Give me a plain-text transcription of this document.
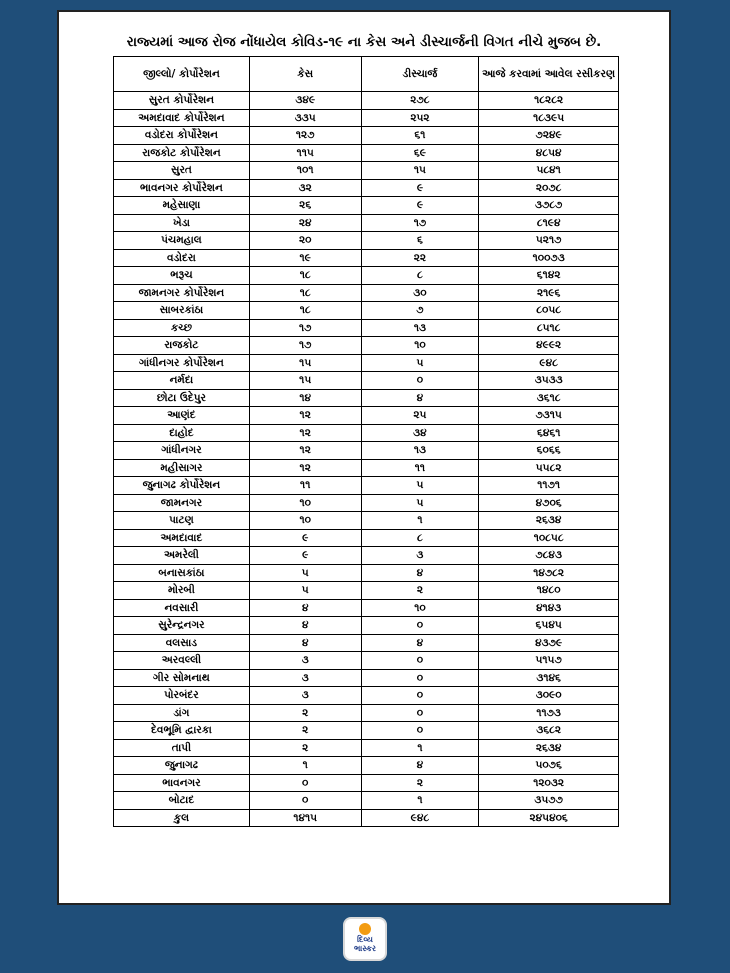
રાજ્યમાં આજ રોજ નોંધાયેલ કોવિડ-૧૯ ના કેસ અને ડીસ્ચાર્જની વિગત નીચે મુજબ છે.
જીલ્લો/ કોર્પોરેશન	કેસ	ડીસ્ચાર્જ	આજે કરવામાં આવેલ રસીકરણ
સુરત કોર્પોરેશન	૩૪૯	૨૭૮	૧૮૨૮૨
અમદાવાદ કોર્પોરેશન	૩૩૫	૨૫૨	૧૮૩૯૫
વડોદરા કોર્પોરેશન	૧૨૭	૬૧	૭૨૪૯
રાજકોટ કોર્પોરેશન	૧૧૫	૬૯	૪૮૫૪
સુરત	૧૦૧	૧૫	૫૮૪૧
ભાવનગર કોર્પોરેશન	૩૨	૯	૨૦૭૮
મહેસાણા	૨૬	૯	૩૭૮૭
ખેડા	૨૪	૧૭	૮૧૯૪
પંચમહાલ	૨૦	૬	૫૨૧૭
વડોદરા	૧૯	૨૨	૧૦૦૭૩
ભરૂચ	૧૮	૮	૬૧૪૨
જામનગર કોર્પોરેશન	૧૮	૩૦	૨૧૯૬
સાબરકાંઠા	૧૮	૭	૮૦૫૮
કચ્છ	૧૭	૧૩	૮૫૧૮
રાજકોટ	૧૭	૧૦	૪૯૯૨
ગાંધીનગર કોર્પોરેશન	૧૫	૫	૯૪૮
નર્મદા	૧૫	૦	૩૫૩૩
છોટા ઉદેપુર	૧૪	૪	૩૬૧૮
આણંદ	૧૨	૨૫	૭૩૧૫
દાહોદ	૧૨	૩૪	૬૪૬૧
ગાંધીનગર	૧૨	૧૩	૬૦૬૬
મહીસાગર	૧૨	૧૧	૫૫૮૨
જુનાગઢ કોર્પોરેશન	૧૧	૫	૧૧૭૧
જામનગર	૧૦	૫	૪૭૦૬
પાટણ	૧૦	૧	૨૬૩૪
અમદાવાદ	૯	૮	૧૦૮૫૮
અમરેલી	૯	૩	૭૮૪૩
બનાસકાંઠા	૫	૪	૧૪૭૮૨
મોરબી	૫	૨	૧૪૮૦
નવસારી	૪	૧૦	૪૧૪૩
સુરેન્દ્રનગર	૪	૦	૬૫૪૫
વલસાડ	૪	૪	૪૩૭૯
અરવલ્લી	૩	૦	૫૧૫૭
ગીર સોમનાથ	૩	૦	૩૧૪૬
પોરબંદર	૩	૦	૩૦૯૦
ડાંગ	૨	૦	૧૧૭૩
દેવભૂમિ દ્વારકા	૨	૦	૩૬૮૨
તાપી	૨	૧	૨૬૩૪
જુનાગઢ	૧	૪	૫૦૭૬
ભાવનગર	૦	૨	૧૨૦૩૨
બોટાદ	૦	૧	૩૫૭૭
કુલ	૧૪૧૫	૯૪૮	૨૪૫૪૦૬
દિવ્ય
ભાસ્કર
